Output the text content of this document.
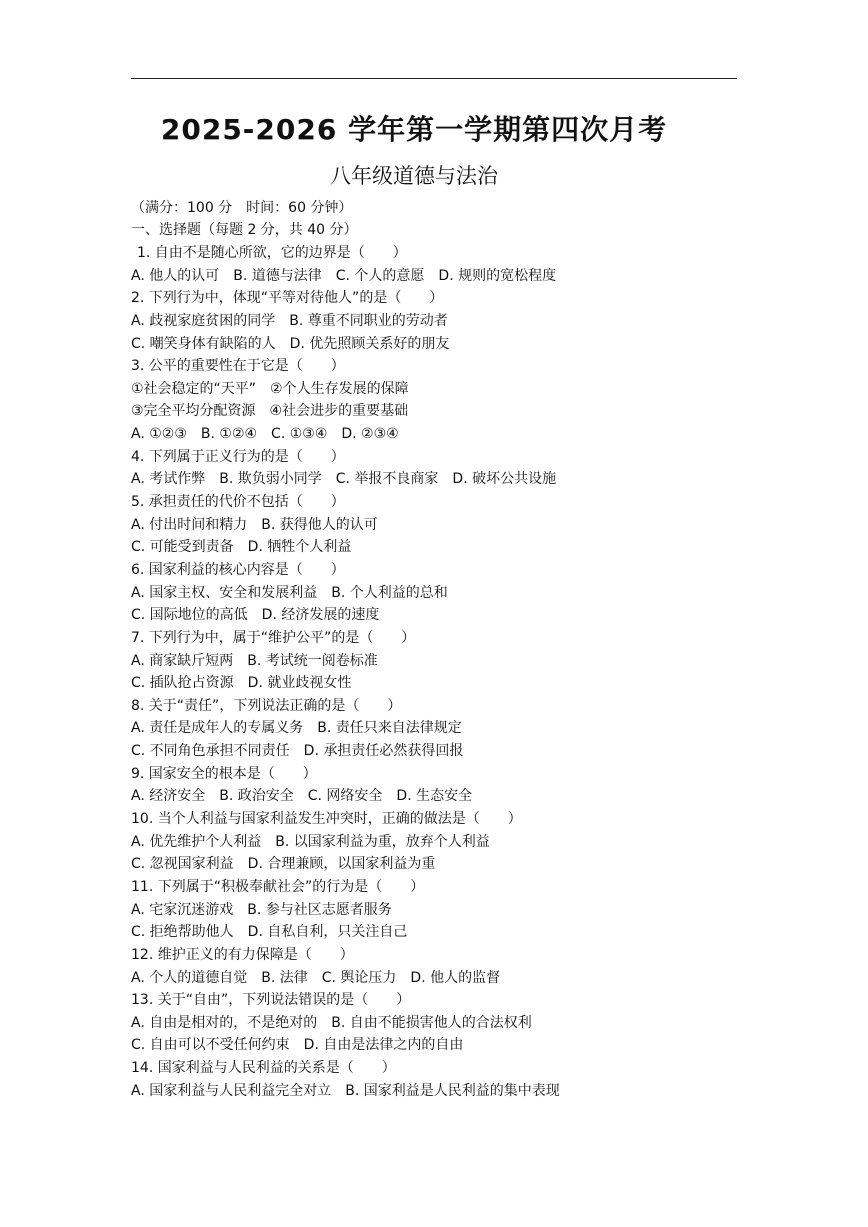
2025-2026 学年第一学期第四次月考
八年级道德与法治
（满分：100 分　时间：60 分钟）
一、选择题（每题 2 分，共 40 分）
1. 自由不是随心所欲，它的边界是（　　）
A. 他人的认可　B. 道德与法律　C. 个人的意愿　D. 规则的宽松程度
2. 下列行为中，体现“平等对待他人”的是（　　）
A. 歧视家庭贫困的同学　B. 尊重不同职业的劳动者
C. 嘲笑身体有缺陷的人　D. 优先照顾关系好的朋友
3. 公平的重要性在于它是（　　）
①社会稳定的“天平”　②个人生存发展的保障
③完全平均分配资源　④社会进步的重要基础
A. ①②③　B. ①②④　C. ①③④　D. ②③④
4. 下列属于正义行为的是（　　）
A. 考试作弊　B. 欺负弱小同学　C. 举报不良商家　D. 破坏公共设施
5. 承担责任的代价不包括（　　）
A. 付出时间和精力　B. 获得他人的认可
C. 可能受到责备　D. 牺牲个人利益
6. 国家利益的核心内容是（　　）
A. 国家主权、安全和发展利益　B. 个人利益的总和
C. 国际地位的高低　D. 经济发展的速度
7. 下列行为中，属于“维护公平”的是（　　）
A. 商家缺斤短两　B. 考试统一阅卷标准
C. 插队抢占资源　D. 就业歧视女性
8. 关于“责任”，下列说法正确的是（　　）
A. 责任是成年人的专属义务　B. 责任只来自法律规定
C. 不同角色承担不同责任　D. 承担责任必然获得回报
9. 国家安全的根本是（　　）
A. 经济安全　B. 政治安全　C. 网络安全　D. 生态安全
10. 当个人利益与国家利益发生冲突时，正确的做法是（　　）
A. 优先维护个人利益　B. 以国家利益为重，放弃个人利益
C. 忽视国家利益　D. 合理兼顾，以国家利益为重
11. 下列属于“积极奉献社会”的行为是（　　）
A. 宅家沉迷游戏　B. 参与社区志愿者服务
C. 拒绝帮助他人　D. 自私自利，只关注自己
12. 维护正义的有力保障是（　　）
A. 个人的道德自觉　B. 法律　C. 舆论压力　D. 他人的监督
13. 关于“自由”，下列说法错误的是（　　）
A. 自由是相对的，不是绝对的　B. 自由不能损害他人的合法权利
C. 自由可以不受任何约束　D. 自由是法律之内的自由
14. 国家利益与人民利益的关系是（　　）
A. 国家利益与人民利益完全对立　B. 国家利益是人民利益的集中表现
